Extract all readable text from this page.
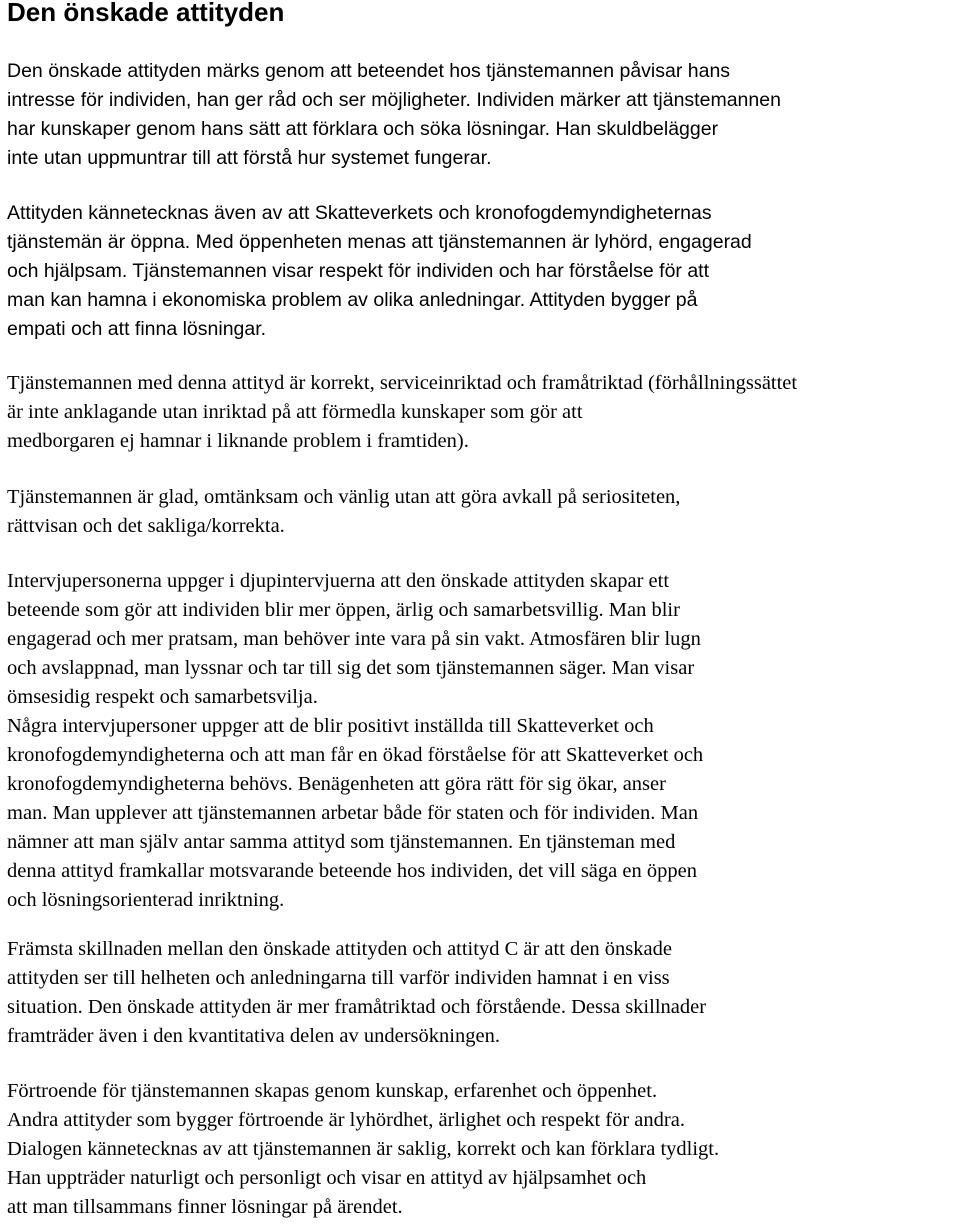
Den önskade attityden

Den önskade attityden märks genom att beteendet hos tjänstemannen påvisar hans
intresse för individen, han ger råd och ser möjligheter. Individen märker att tjänstemannen
har kunskaper genom hans sätt att förklara och söka lösningar. Han skuldbelägger
inte utan uppmuntrar till att förstå hur systemet fungerar.

Attityden kännetecknas även av att Skatteverkets och kronofogdemyndigheternas
tjänstemän är öppna. Med öppenheten menas att tjänstemannen är lyhörd, engagerad
och hjälpsam. Tjänstemannen visar respekt för individen och har förståelse för att
man kan hamna i ekonomiska problem av olika anledningar. Attityden bygger på
empati och att finna lösningar.

Tjänstemannen med denna attityd är korrekt, serviceinriktad och framåtriktad (förhållningssättet
är inte anklagande utan inriktad på att förmedla kunskaper som gör att
medborgaren ej hamnar i liknande problem i framtiden).

Tjänstemannen är glad, omtänksam och vänlig utan att göra avkall på seriositeten,
rättvisan och det sakliga/korrekta.

Intervjupersonerna uppger i djupintervjuerna att den önskade attityden skapar ett
beteende som gör att individen blir mer öppen, ärlig och samarbetsvillig. Man blir
engagerad och mer pratsam, man behöver inte vara på sin vakt. Atmosfären blir lugn
och avslappnad, man lyssnar och tar till sig det som tjänstemannen säger. Man visar
ömsesidig respekt och samarbetsvilja.
Några intervjupersoner uppger att de blir positivt inställda till Skatteverket och
kronofogdemyndigheterna och att man får en ökad förståelse för att Skatteverket och
kronofogdemyndigheterna behövs. Benägenheten att göra rätt för sig ökar, anser
man. Man upplever att tjänstemannen arbetar både för staten och för individen. Man
nämner att man själv antar samma attityd som tjänstemannen. En tjänsteman med
denna attityd framkallar motsvarande beteende hos individen, det vill säga en öppen
och lösningsorienterad inriktning.

Främsta skillnaden mellan den önskade attityden och attityd C är att den önskade
attityden ser till helheten och anledningarna till varför individen hamnat i en viss
situation. Den önskade attityden är mer framåtriktad och förstående. Dessa skillnader
framträder även i den kvantitativa delen av undersökningen.

Förtroende för tjänstemannen skapas genom kunskap, erfarenhet och öppenhet.
Andra attityder som bygger förtroende är lyhördhet, ärlighet och respekt för andra.
Dialogen kännetecknas av att tjänstemannen är saklig, korrekt och kan förklara tydligt.
Han uppträder naturligt och personligt och visar en attityd av hjälpsamhet och
att man tillsammans finner lösningar på ärendet.
